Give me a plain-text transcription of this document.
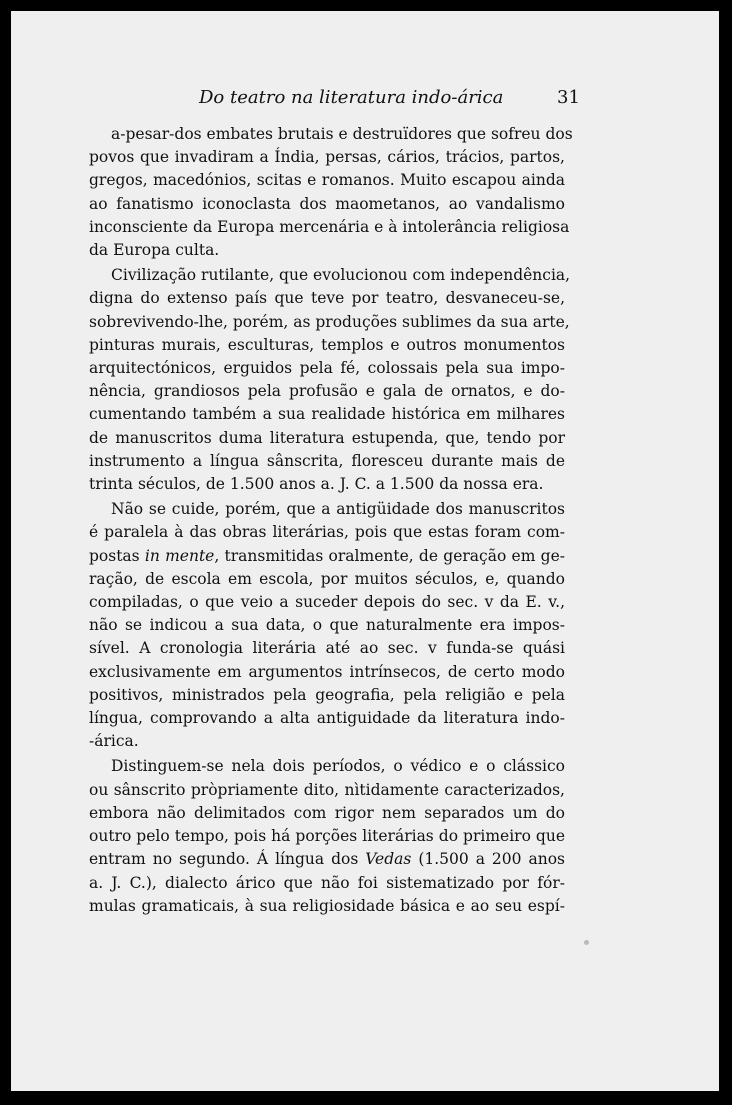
Do teatro na literatura indo-árica	31
a-pesar-dos embates brutais e destruïdores que sofreu dos
povos que invadiram a Índia, persas, cários, trácios, partos,
gregos, macedónios, scitas e romanos. Muito escapou ainda
ao fanatismo iconoclasta dos maometanos, ao vandalismo
inconsciente da Europa mercenária e à intolerância religiosa
da Europa culta.
Civilização rutilante, que evolucionou com independência,
digna do extenso país que teve por teatro, desvaneceu-se,
sobrevivendo-lhe, porém, as produções sublimes da sua arte,
pinturas murais, esculturas, templos e outros monumentos
arquitectónicos, erguidos pela fé, colossais pela sua impo-
nência, grandiosos pela profusão e gala de ornatos, e do-
cumentando também a sua realidade histórica em milhares
de manuscritos duma literatura estupenda, que, tendo por
instrumento a língua sânscrita, floresceu durante mais de
trinta séculos, de 1.500 anos a. J. C. a 1.500 da nossa era.
Não se cuide, porém, que a antigüidade dos manuscritos
é paralela à das obras literárias, pois que estas foram com-
postas in mente, transmitidas oralmente, de geração em ge-
ração, de escola em escola, por muitos séculos, e, quando
compiladas, o que veio a suceder depois do sec. v da E. v.,
não se indicou a sua data, o que naturalmente era impos-
sível. A cronologia literária até ao sec. v funda-se quási
exclusivamente em argumentos intrínsecos, de certo modo
positivos, ministrados pela geografia, pela religião e pela
língua, comprovando a alta antiguidade da literatura indo-
-árica.
Distinguem-se nela dois períodos, o védico e o clássico
ou sânscrito pròpriamente dito, nìtidamente caracterizados,
embora não delimitados com rigor nem separados um do
outro pelo tempo, pois há porções literárias do primeiro que
entram no segundo. Á língua dos Vedas (1.500 a 200 anos
a. J. C.), dialecto árico que não foi sistematizado por fór-
mulas gramaticais, à sua religiosidade básica e ao seu espí-
